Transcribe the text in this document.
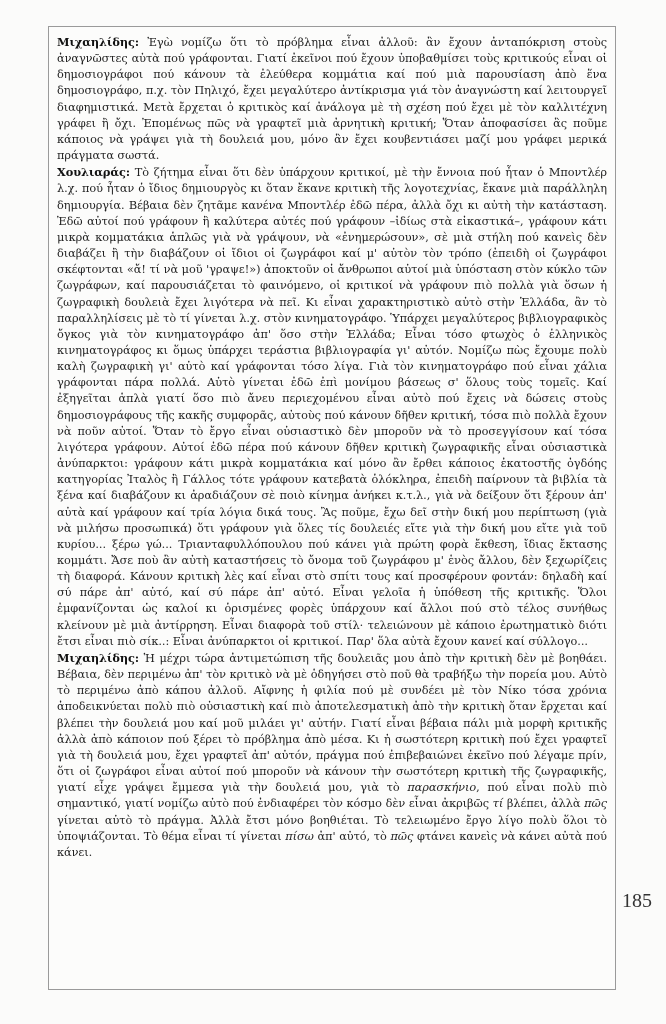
Μιχαηλίδης: Ἐγὼ νομίζω ὅτι τὸ πρόβλημα εἶναι ἀλλοῦ: ἂν ἔχουν ἀνταπόκριση στοὺς ἀναγνῶστες αὐτὰ πού γράφονται. Γιατί ἐκεῖνοι πού ἔχουν ὑποβαθμίσει τοὺς κριτικούς εἶναι οἱ δημοσιογράφοι πού κάνουν τὰ ἐλεύθερα κομμάτια καί πού μιὰ παρουσίαση ἀπὸ ἕνα δημοσιογράφο, π.χ. τὸν Πηλιχό, ἔχει μεγαλύτερο ἀντίκρισμα γιά τὸν ἀναγνώστη καί λειτουργεῖ διαφημιστικά. Μετὰ ἔρχεται ὁ κριτικὸς καί ἀνάλογα μὲ τὴ σχέση πού ἔχει μὲ τὸν καλλιτέχνη γράφει ἢ ὄχι. Ἐπομένως πῶς νὰ γραφτεῖ μιὰ ἀρνητικὴ κριτική; Ὅταν ἀποφασίσει ἂς ποῦμε κάποιος νὰ γράψει γιὰ τὴ δουλειά μου, μόνο ἂν ἔχει κουβεντιάσει μαζί μου γράφει μερικά πράγματα σωστά.

Χουλιαράς: Τὸ ζήτημα εἶναι ὅτι δὲν ὑπάρχουν κριτικοί, μὲ τὴν ἔννοια πού ἦταν ὁ Μποντλέρ λ.χ. πού ἦταν ὁ ἴδιος δημιουργὸς κι ὅταν ἔκανε κριτικὴ τῆς λογοτεχνίας, ἔκανε μιὰ παράλληλη δημιουργία. Βέβαια δὲν ζητᾶμε κανένα Μποντλέρ ἐδῶ πέρα, ἀλλὰ ὄχι κι αὐτὴ τὴν κατάσταση. Ἐδῶ αὐτοί πού γράφουν ἢ καλύτερα αὐτές πού γράφουν –ἰδίως στὰ εἰκαστικά–, γράφουν κάτι μικρὰ κομματάκια ἁπλῶς γιὰ νὰ γράψουν, νὰ «ἐνημερώσουν», σὲ μιὰ στήλη πού κανεὶς δὲν διαβάζει ἢ τὴν διαβάζουν οἱ ἴδιοι οἱ ζωγράφοι καί μ' αὐτὸν τὸν τρόπο (ἐπειδὴ οἱ ζωγράφοι σκέφτονται «ἄ! τί νὰ μοῦ 'γραψε!») ἀποκτοῦν οἱ ἄνθρωποι αὐτοί μιὰ ὑπόσταση στὸν κύκλο τῶν ζωγράφων, καί παρουσιάζεται τὸ φαινόμενο, οἱ κριτικοί νὰ γράφουν πιὸ πολλὰ γιὰ ὅσων ἡ ζωγραφικὴ δουλειὰ ἔχει λιγότερα νὰ πεῖ. Κι εἶναι χαρακτηριστικὸ αὐτὸ στὴν Ἑλλάδα, ἂν τὸ παραλληλίσεις μὲ τὸ τί γίνεται λ.χ. στὸν κινηματογράφο. Ὑπάρχει μεγαλύτερος βιβλιογραφικὸς ὄγκος γιὰ τὸν κινηματογράφο ἀπ' ὅσο στὴν Ἑλλάδα; Εἶναι τόσο φτωχὸς ὁ ἑλληνικὸς κινηματογράφος κι ὅμως ὑπάρχει τεράστια βιβλιογραφία γι' αὐτόν. Νομίζω πὼς ἔχουμε πολὺ καλὴ ζωγραφικὴ γι' αὐτὸ καί γράφονται τόσο λίγα. Γιὰ τὸν κινηματογράφο πού εἶναι χάλια γράφονται πάρα πολλά. Αὐτὸ γίνεται ἐδῶ ἐπὶ μονίμου βάσεως σ' ὅλους τοὺς τομεῖς. Καί ἐξηγεῖται ἁπλὰ γιατί ὅσο πιὸ ἄνευ περιεχομένου εἶναι αὐτὸ πού ἔχεις νὰ δώσεις στοὺς δημοσιογράφους τῆς κακῆς συμφορᾶς, αὐτοὺς πού κάνουν δῆθεν κριτική, τόσα πιὸ πολλὰ ἔχουν νὰ ποῦν αὐτοί. Ὅταν τὸ ἔργο εἶναι οὐσιαστικὸ δὲν μποροῦν νὰ τὸ προσεγγίσουν καί τόσα λιγότερα γράφουν. Αὐτοί ἐδῶ πέρα πού κάνουν δῆθεν κριτικὴ ζωγραφικῆς εἶναι οὐσιαστικὰ ἀνύπαρκτοι: γράφουν κάτι μικρὰ κομματάκια καί μόνο ἂν ἔρθει κάποιος ἐκατοστῆς ὀγδόης κατηγορίας Ἰταλὸς ἢ Γάλλος τότε γράφουν κατεβατὰ ὁλόκληρα, ἐπειδὴ παίρνουν τὰ βιβλία τὰ ξένα καί διαβάζουν κι ἀραδιάζουν σὲ ποιὸ κίνημα ἀνήκει κ.τ.λ., γιὰ νὰ δείξουν ὅτι ξέρουν ἀπ' αὐτὰ καί γράφουν καί τρία λόγια δικά τους. Ἂς ποῦμε, ἔχω δεῖ στὴν δική μου περίπτωση (γιὰ νὰ μιλήσω προσωπικά) ὅτι γράφουν γιὰ ὅλες τίς δουλειές εἴτε γιὰ τὴν δική μου εἴτε γιὰ τοῦ κυρίου... ξέρω γώ... Τριανταφυλλόπουλου πού κάνει γιὰ πρώτη φορὰ ἔκθεση, ἴδιας ἔκτασης κομμάτι. Ἄσε ποὺ ἂν αὐτὴ καταστήσεις τὸ ὄνομα τοῦ ζωγράφου μ' ἑνὸς ἄλλου, δὲν ξεχωρίζεις τὴ διαφορά. Κάνουν κριτικὴ λὲς καί εἶναι στὸ σπίτι τους καί προσφέρουν φοντάν: δηλαδὴ καί σύ πάρε ἀπ' αὐτό, καί σύ πάρε ἀπ' αὐτό. Εἶναι γελοῖα ἡ ὑπόθεση τῆς κριτικῆς. Ὅλοι ἐμφανίζονται ὡς καλοί κι ὁρισμένες φορὲς ὑπάρχουν καί ἄλλοι πού στὸ τέλος συνήθως κλείνουν μὲ μιὰ ἀντίρρηση. Εἶναι διαφορὰ τοῦ στίλ· τελειώνουν μὲ κάποιο ἐρωτηματικὸ διότι ἔτσι εἶναι πιὸ σίκ..: Εἶναι ἀνύπαρκτοι οἱ κριτικοί. Παρ' ὅλα αὐτὰ ἔχουν κανεί καί σύλλογο...

Μιχαηλίδης: Ἡ μέχρι τώρα ἀντιμετώπιση τῆς δουλειᾶς μου ἀπὸ τὴν κριτικὴ δὲν μὲ βοηθάει. Βέβαια, δὲν περιμένω ἀπ' τὸν κριτικὸ νὰ μὲ ὁδηγήσει στὸ ποῦ θὰ τραβήξω τὴν πορεία μου. Αὐτὸ τὸ περιμένω ἀπὸ κάπου ἀλλοῦ. Αἴφνης ἡ φιλία πού μὲ συνδέει μὲ τὸν Νίκο τόσα χρόνια ἀποδεικνύεται πολὺ πιὸ οὐσιαστικὴ καί πιὸ ἀποτελεσματικὴ ἀπὸ τὴν κριτικὴ ὅταν ἔρχεται καί βλέπει τὴν δουλειά μου καί μοῦ μιλάει γι' αὐτήν. Γιατί εἶναι βέβαια πάλι μιὰ μορφὴ κριτικῆς ἀλλὰ ἀπὸ κάποιον πού ξέρει τὸ πρόβλημα ἀπὸ μέσα. Κι ἡ σωστότερη κριτικὴ πού ἔχει γραφτεῖ γιὰ τὴ δουλειά μου, ἔχει γραφτεῖ ἀπ' αὐτόν, πράγμα πού ἐπιβεβαιώνει ἐκεῖνο πού λέγαμε πρίν, ὅτι οἱ ζωγράφοι εἶναι αὐτοί πού μποροῦν νὰ κάνουν τὴν σωστότερη κριτικὴ τῆς ζωγραφικῆς, γιατί εἶχε γράψει ἔμμεσα γιὰ τὴν δουλειά μου, γιὰ τὸ παρασκήνιο, πού εἶναι πολὺ πιὸ σημαντικό, γιατί νομίζω αὐτὸ πού ἐνδιαφέρει τὸν κόσμο δὲν εἶναι ἀκριβῶς τί βλέπει, ἀλλὰ πῶς γίνεται αὐτὸ τὸ πράγμα. Ἀλλὰ ἔτσι μόνο βοηθιέται. Τὸ τελειωμένο ἔργο λίγο πολὺ ὅλοι τὸ ὑποψιάζονται. Τὸ θέμα εἶναι τί γίνεται πίσω ἀπ' αὐτό, τὸ πῶς φτάνει κανεὶς νὰ κάνει αὐτὰ πού κάνει.

185
